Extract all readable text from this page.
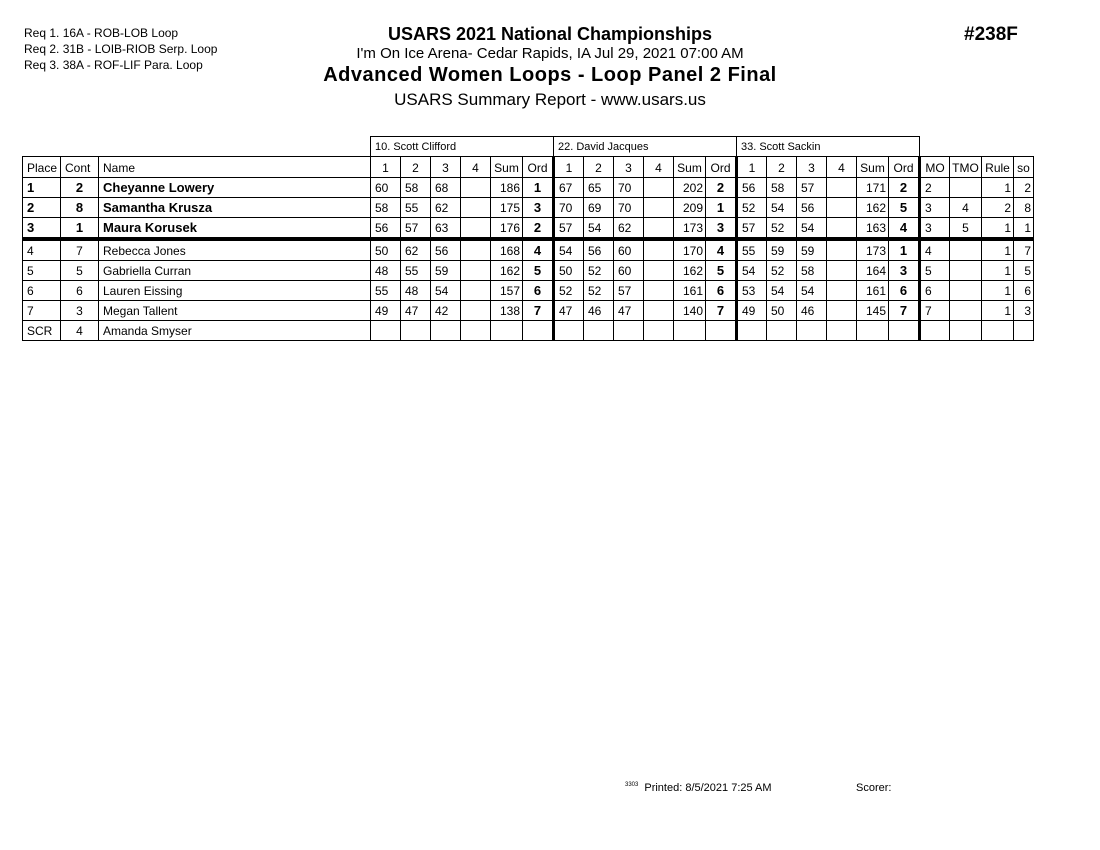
Req 1. 16A - ROB-LOB Loop
Req 2. 31B - LOIB-RIOB Serp. Loop
Req 3. 38A - ROF-LIF Para. Loop
USARS 2021 National Championships
I'm On Ice Arena- Cedar Rapids, IA Jul 29, 2021 07:00 AM
Advanced Women Loops - Loop Panel 2 Final
USARS Summary Report - www.usars.us
#238F
			10. Scott Clifford						22. David Jacques						33. Scott Sackin									
Place	Cont	Name	1	2	3	4	Sum	Ord	1	2	3	4	Sum	Ord	1	2	3	4	Sum	Ord	MO	TMO	Rule	so
1	2	Cheyanne Lowery	60	58	68		186	1	67	65	70		202	2	56	58	57		171	2	2		1	2
2	8	Samantha Krusza	58	55	62		175	3	70	69	70		209	1	52	54	56		162	5	3	4	2	8
3	1	Maura Korusek	56	57	63		176	2	57	54	62		173	3	57	52	54		163	4	3	5	1	1
4	7	Rebecca Jones	50	62	56		168	4	54	56	60		170	4	55	59	59		173	1	4		1	7
5	5	Gabriella Curran	48	55	59		162	5	50	52	60		162	5	54	52	58		164	3	5		1	5
6	6	Lauren Eissing	55	48	54		157	6	52	52	57		161	6	53	54	54		161	6	6		1	6
7	3	Megan Tallent	49	47	42		138	7	47	46	47		140	7	49	50	46		145	7	7		1	3
SCR	4	Amanda Smyser																						
$^{3303}$ Printed: 8/5/2021 7:25 AM	Scorer:
